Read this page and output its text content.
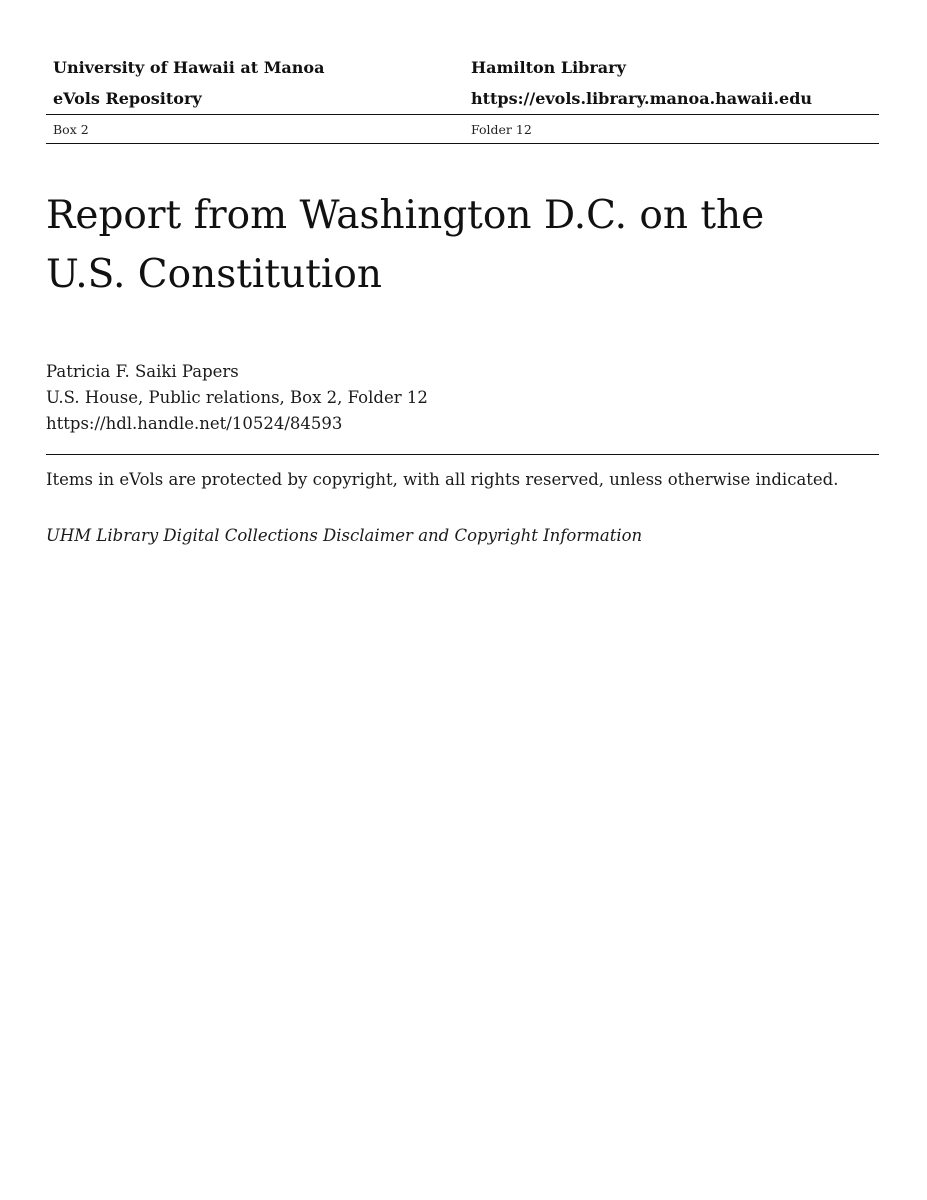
University of Hawaii at Manoa	Hamilton Library
eVols Repository	https://evols.library.manoa.hawaii.edu
Box 2	Folder 12
Report from Washington D.C. on the
U.S. Constitution
Patricia F. Saiki Papers
U.S. House, Public relations, Box 2, Folder 12
https://hdl.handle.net/10524/84593
Items in eVols are protected by copyright, with all rights reserved, unless otherwise indicated.
UHM Library Digital Collections Disclaimer and Copyright Information
